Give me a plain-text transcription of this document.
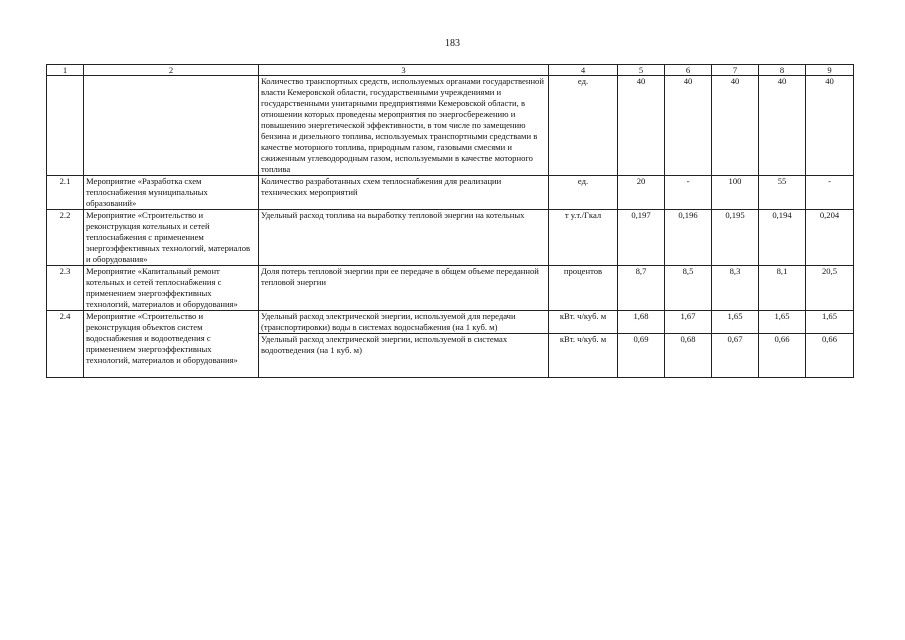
183
1	2	3	4	5	6	7	8	9
		Количество транспортных средств, используемых органами государственной власти Кемеровской области, государственными учреждениями и государственными унитарными предприятиями Кемеровской области, в отношении которых проведены мероприятия по энергосбережению и повышению энергетической эффективности, в том числе по замещению бензина и дизельного топлива, используемых транспортными средствами в качестве моторного топлива, природным газом, газовыми смесями и сжиженным углеводородным газом, используемыми в качестве моторного топлива	ед.	40	40	40	40	40
2.1	Мероприятие «Разработка схем теплоснабжения муниципальных образований»	Количество разработанных схем теплоснабжения для реализации технических мероприятий	ед.	20	-	100	55	-
2.2	Мероприятие «Строительство и реконструкция котельных и сетей теплоснабжения с применением энергоэффективных технологий, материалов и оборудования»	Удельный расход топлива на выработку тепловой энергии на котельных	т у.т./Гкал	0,197	0,196	0,195	0,194	0,204
2.3	Мероприятие «Капитальный ремонт котельных и сетей теплоснабжения с применением энергоэффективных технологий, материалов и оборудования»	Доля потерь тепловой энергии при ее передаче в общем объеме переданной тепловой энергии	процентов	8,7	8,5	8,3	8,1	20,5
2.4	Мероприятие «Строительство и реконструкция объектов систем водоснабжения и водоотведения с применением энергоэффективных технологий, материалов и оборудования»	Удельный расход электрической энергии, используемой для передачи (транспортировки) воды в системах водоснабжения (на 1 куб. м)	кВт. ч/куб. м	1,68	1,67	1,65	1,65	1,65
		Удельный расход электрической энергии, используемой в системах водоотведения (на 1 куб. м)	кВт. ч/куб. м	0,69	0,68	0,67	0,66	0,66
